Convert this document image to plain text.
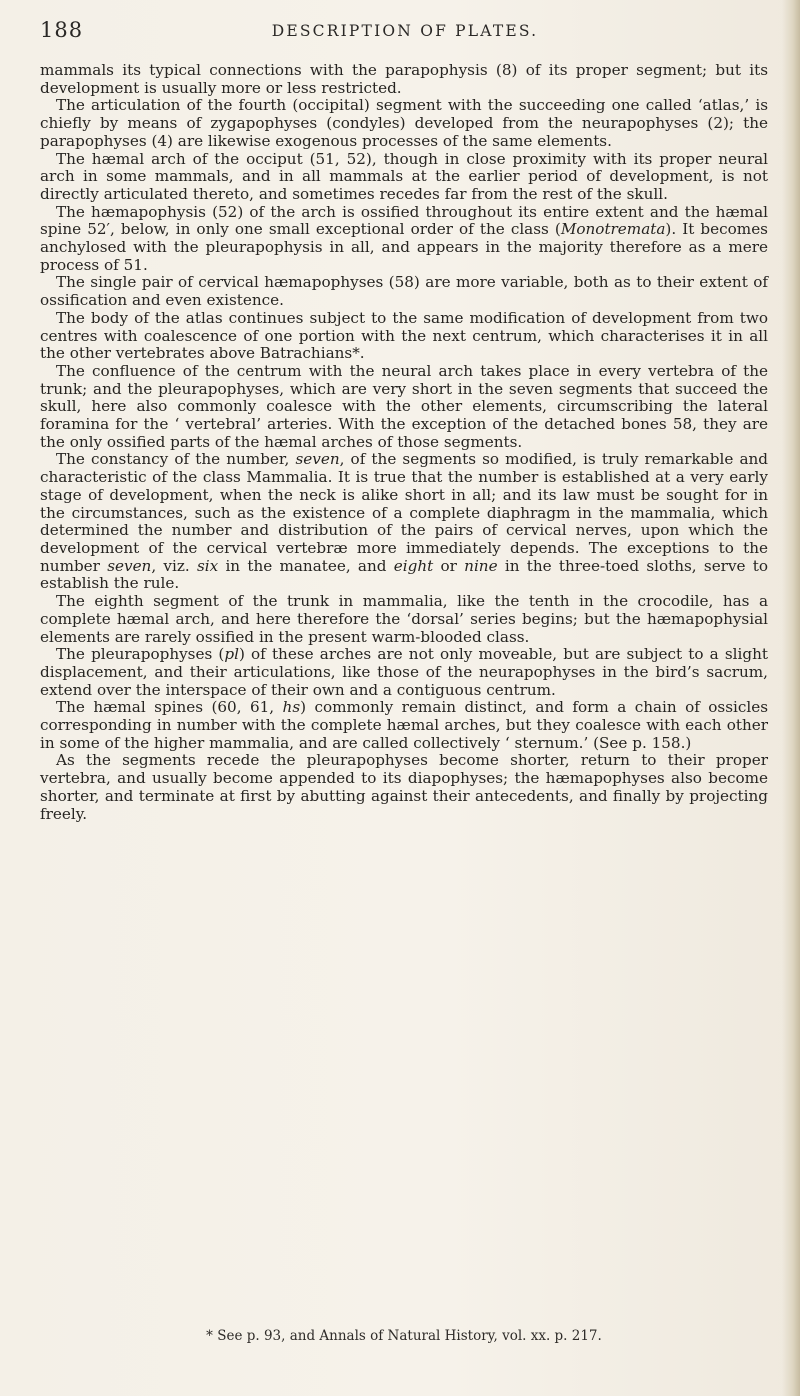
188	DESCRIPTION OF PLATES.

mammals its typical connections with the parapophysis (8) of its proper segment; but its development is usually more or less restricted.

The articulation of the fourth (occipital) segment with the succeeding one called ‘atlas,’ is chiefly by means of zygapophyses (condyles) developed from the neurapophyses (2); the parapophyses (4) are likewise exogenous processes of the same elements.

The hæmal arch of the occiput (51, 52), though in close proximity with its proper neural arch in some mammals, and in all mammals at the earlier period of development, is not directly articulated thereto, and sometimes recedes far from the rest of the skull.

The hæmapophysis (52) of the arch is ossified throughout its entire extent and the hæmal spine 52′, below, in only one small exceptional order of the class (Monotremata). It becomes anchylosed with the pleurapophysis in all, and appears in the majority therefore as a mere process of 51.

The single pair of cervical hæmapophyses (58) are more variable, both as to their extent of ossification and even existence.

The body of the atlas continues subject to the same modification of development from two centres with coalescence of one portion with the next centrum, which characterises it in all the other vertebrates above Batrachians*.

The confluence of the centrum with the neural arch takes place in every vertebra of the trunk; and the pleurapophyses, which are very short in the seven segments that succeed the skull, here also commonly coalesce with the other elements, circumscribing the lateral foramina for the ‘ vertebral’ arteries. With the exception of the detached bones 58, they are the only ossified parts of the hæmal arches of those segments.

The constancy of the number, seven, of the segments so modified, is truly remarkable and characteristic of the class Mammalia. It is true that the number is established at a very early stage of development, when the neck is alike short in all; and its law must be sought for in the circumstances, such as the existence of a complete diaphragm in the mammalia, which determined the number and distribution of the pairs of cervical nerves, upon which the development of the cervical vertebræ more immediately depends. The exceptions to the number seven, viz. six in the manatee, and eight or nine in the three-toed sloths, serve to establish the rule.

The eighth segment of the trunk in mammalia, like the tenth in the crocodile, has a complete hæmal arch, and here therefore the ‘dorsal’ series begins; but the hæmapophysial elements are rarely ossified in the present warm-blooded class.

The pleurapophyses (pl) of these arches are not only moveable, but are subject to a slight displacement, and their articulations, like those of the neurapophyses in the bird’s sacrum, extend over the interspace of their own and a contiguous centrum.

The hæmal spines (60, 61, hs) commonly remain distinct, and form a chain of ossicles corresponding in number with the complete hæmal arches, but they coalesce with each other in some of the higher mammalia, and are called collectively ‘ sternum.’ (See p. 158.)

As the segments recede the pleurapophyses become shorter, return to their proper vertebra, and usually become appended to its diapophyses; the hæmapophyses also become shorter, and terminate at first by abutting against their antecedents, and finally by projecting freely.

* See p. 93, and Annals of Natural History, vol. xx. p. 217.
